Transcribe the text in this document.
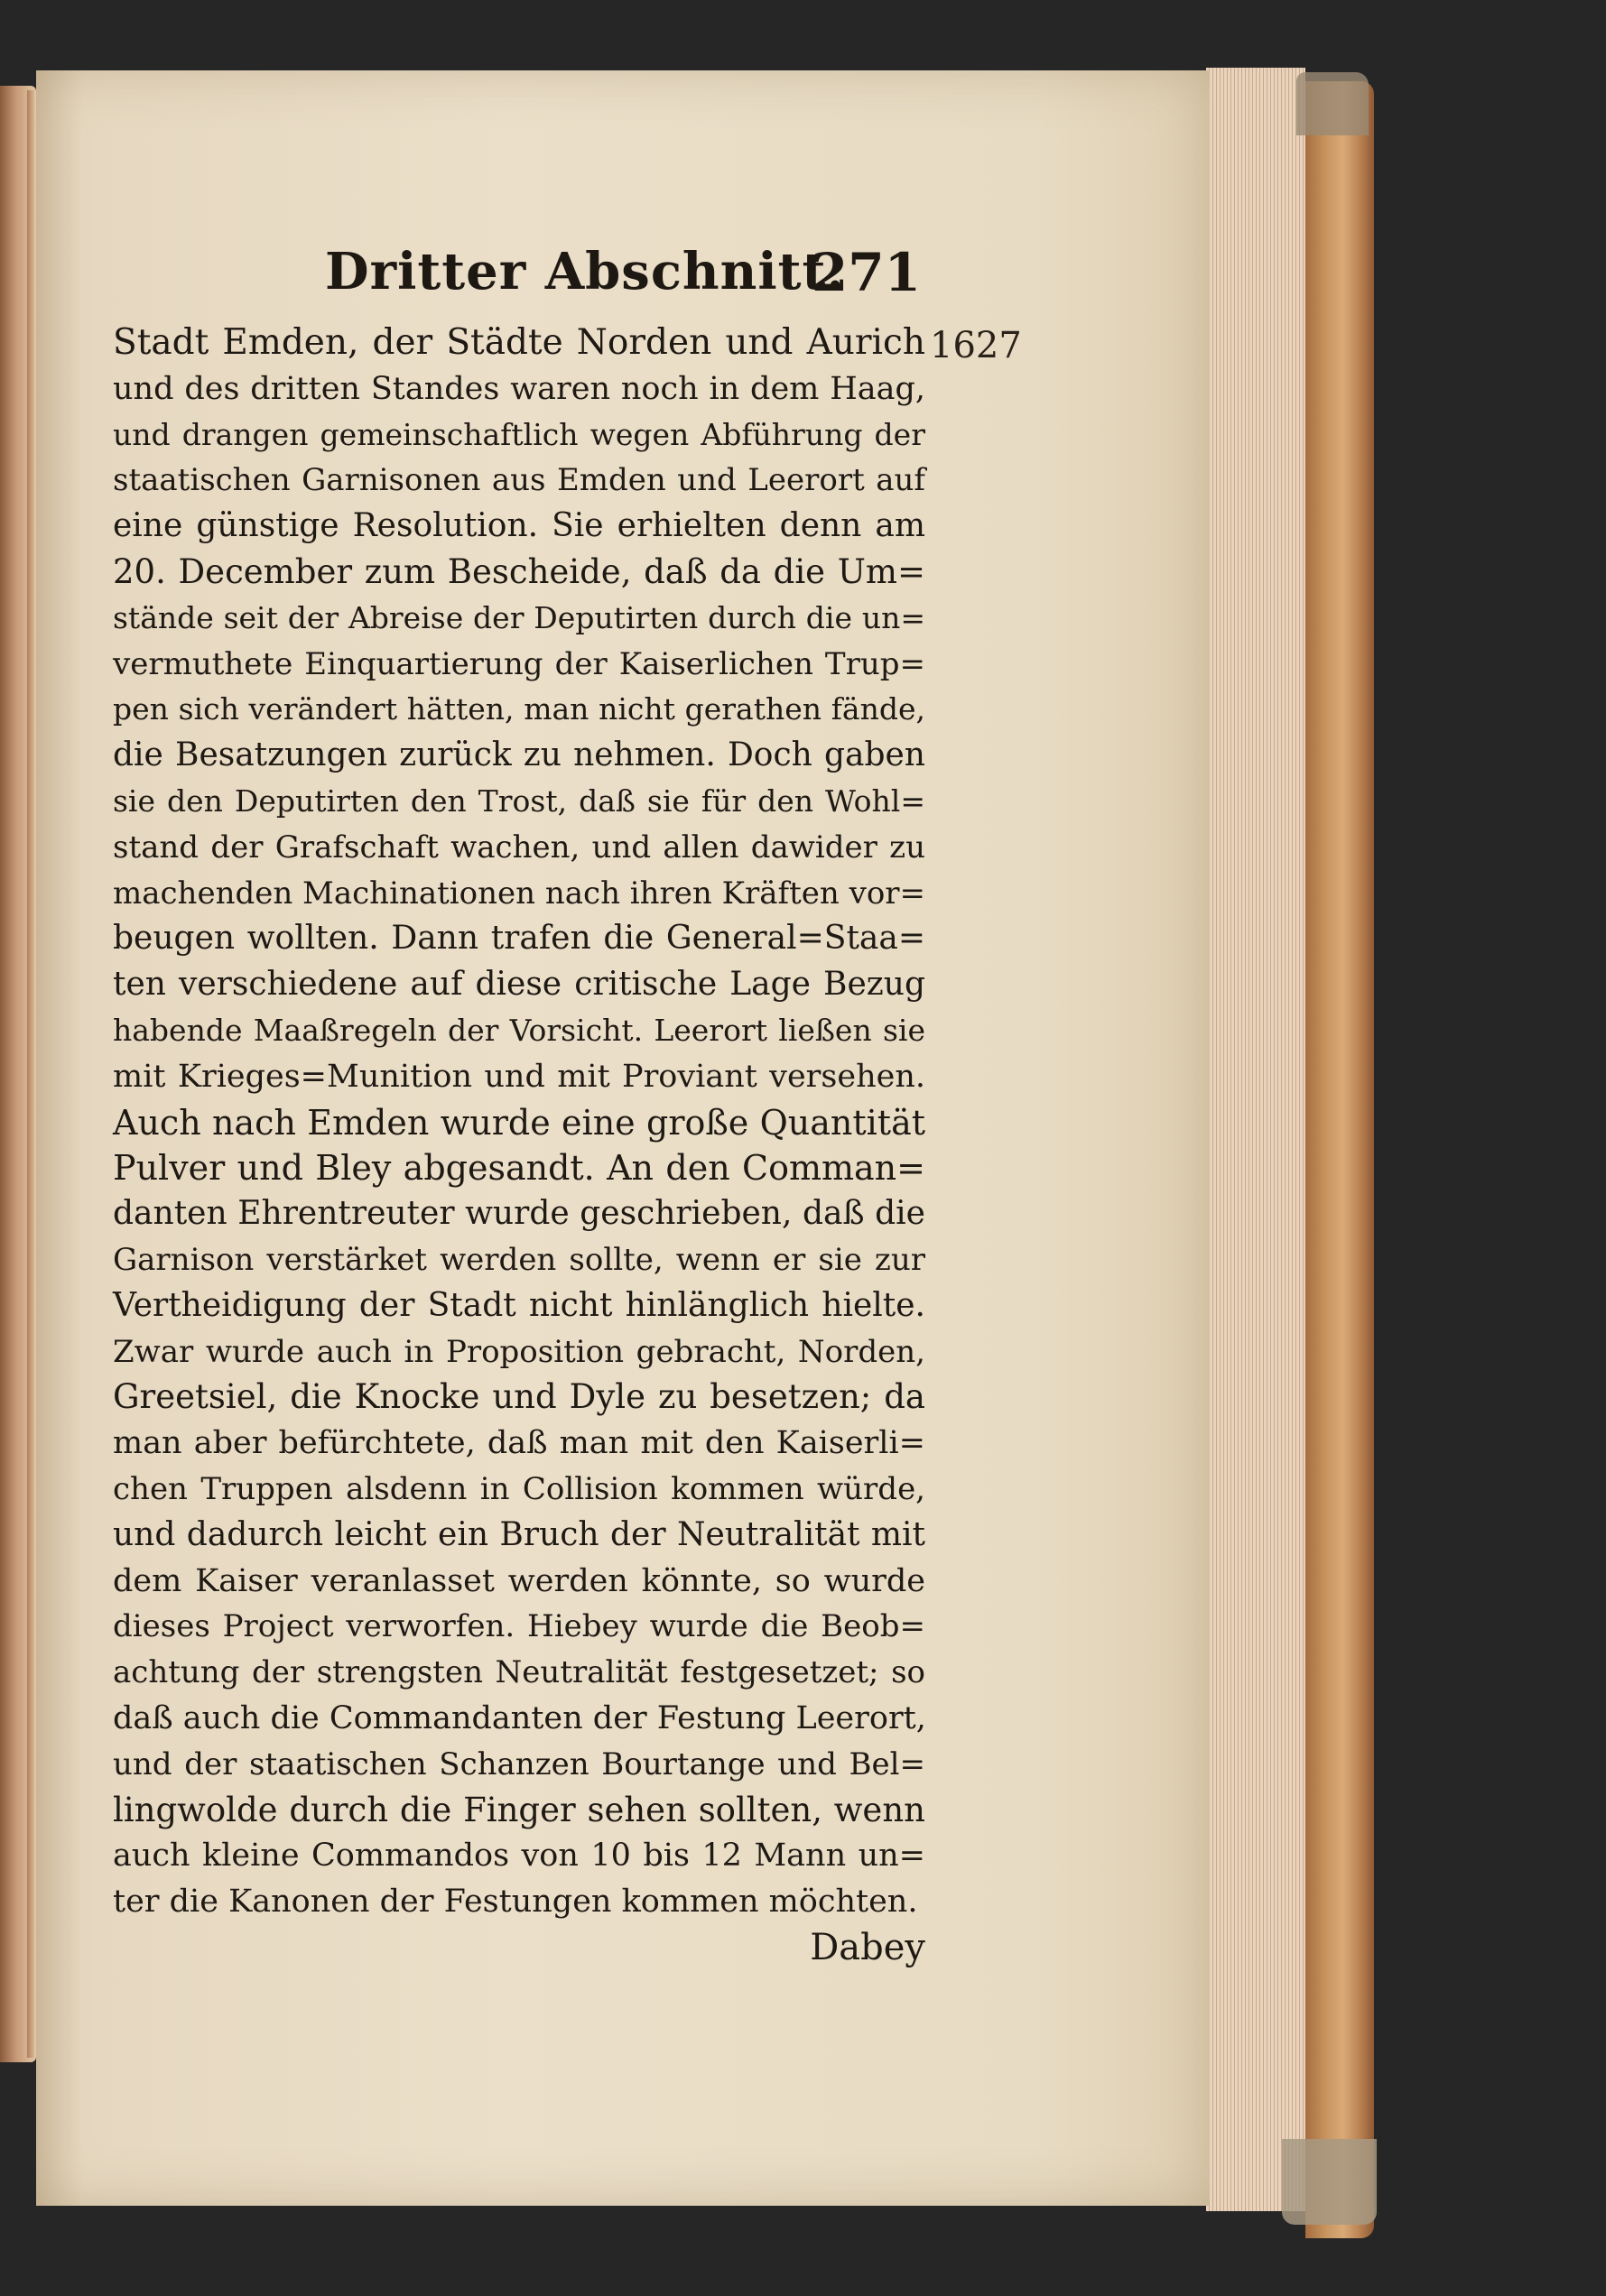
Dritter Abschnitt.
271
1627
Stadt Emden, der Städte Norden und Aurich
und des dritten Standes waren noch in dem Haag,
und drangen gemeinschaftlich wegen Abführung der
staatischen Garnisonen aus Emden und Leerort auf
eine günstige Resolution. Sie erhielten denn am
20. December zum Bescheide, daß da die Um=
stände seit der Abreise der Deputirten durch die un=
vermuthete Einquartierung der Kaiserlichen Trup=
pen sich verändert hätten, man nicht gerathen fände,
die Besatzungen zurück zu nehmen. Doch gaben
sie den Deputirten den Trost, daß sie für den Wohl=
stand der Grafschaft wachen, und allen dawider zu
machenden Machinationen nach ihren Kräften vor=
beugen wollten. Dann trafen die General=Staa=
ten verschiedene auf diese critische Lage Bezug
habende Maaßregeln der Vorsicht. Leerort ließen sie
mit Krieges=Munition und mit Proviant versehen.
Auch nach Emden wurde eine große Quantität
Pulver und Bley abgesandt. An den Comman=
danten Ehrentreuter wurde geschrieben, daß die
Garnison verstärket werden sollte, wenn er sie zur
Vertheidigung der Stadt nicht hinlänglich hielte.
Zwar wurde auch in Proposition gebracht, Norden,
Greetsiel, die Knocke und Dyle zu besetzen; da
man aber befürchtete, daß man mit den Kaiserli=
chen Truppen alsdenn in Collision kommen würde,
und dadurch leicht ein Bruch der Neutralität mit
dem Kaiser veranlasset werden könnte, so wurde
dieses Project verworfen. Hiebey wurde die Beob=
achtung der strengsten Neutralität festgesetzet; so
daß auch die Commandanten der Festung Leerort,
und der staatischen Schanzen Bourtange und Bel=
lingwolde durch die Finger sehen sollten, wenn
auch kleine Commandos von 10 bis 12 Mann un=
ter die Kanonen der Festungen kommen möchten.
Dabey
